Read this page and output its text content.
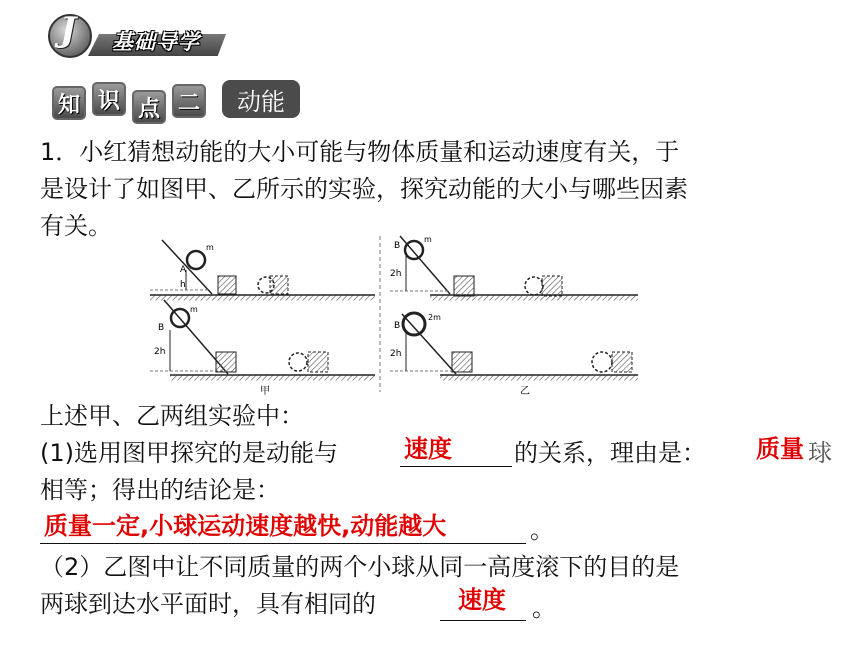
J 基础导学
知 识 点 二	动能
1．小红猜想动能的大小可能与物体质量和运动速度有关，于
是设计了如图甲、乙所示的实验，探究动能的大小与哪些因素
有关。
A
h
m
B
2h
m
甲
B
2h
m
B
2h
2m
乙
上述甲、乙两组实验中：
(1)选用图甲探究的是动能与	速度	的关系，理由是： 质量 球
相等；得出的结论是：
质量一定,小球运动速度越快,动能越大	。
（2）乙图中让不同质量的两个小球从同一高度滚下的目的是
两球到达水平面时，具有相同的	速度 。
